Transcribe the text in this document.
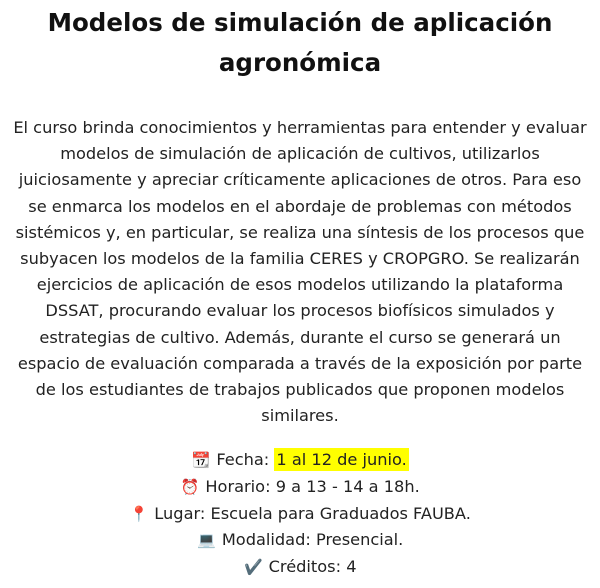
Modelos de simulación de aplicación agronómica

El curso brinda conocimientos y herramientas para entender y evaluar modelos de simulación de aplicación de cultivos, utilizarlos juiciosamente y apreciar críticamente aplicaciones de otros. Para eso se enmarca los modelos en el abordaje de problemas con métodos sistémicos y, en particular, se realiza una síntesis de los procesos que subyacen los modelos de la familia CERES y CROPGRO. Se realizarán ejercicios de aplicación de esos modelos utilizando la plataforma DSSAT, procurando evaluar los procesos biofísicos simulados y estrategias de cultivo. Además, durante el curso se generará un espacio de evaluación comparada a través de la exposición por parte de los estudiantes de trabajos publicados que proponen modelos similares.

📆 Fecha: 1 al 12 de junio.
⏰ Horario: 9 a 13 - 14 a 18h.
📍 Lugar: Escuela para Graduados FAUBA.
💻 Modalidad: Presencial.
✔️ Créditos: 4
